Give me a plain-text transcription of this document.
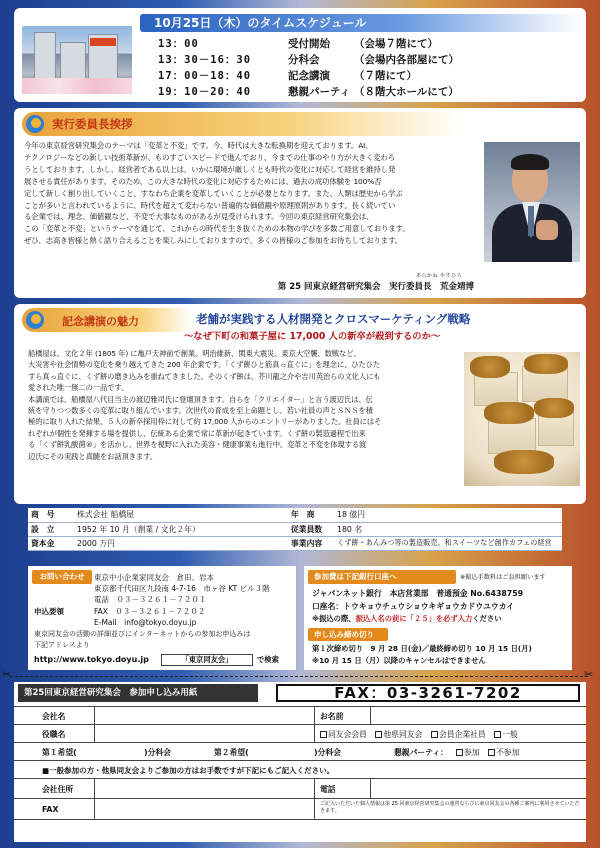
10月25日（木）のタイムスケジュール
13：00	受付開始 （会場７階にて）
13：30－16：30	分科会	（会場内各部屋にて）
17：00－18：40	記念講演 （７階にて）
19：10－20：40	懇親パーティ （８階大ホールにて）
実行委員長挨拶
今年の東京経営研究集会のテーマは「変革と不変」です。今、時代は大きな転換期を迎えております。AI、
テクノロジーなどの新しい技術革新が、ものすごいスピードで進んでおり、今までの仕事のやり方が大きく変わろ
うとしております。しかし、経営者である以上は、いかに環境が厳しくとも時代の変化に対応して経営を維持し発
展させる責任があります。そのため、この大きな時代の変化に対応するためには、過去の成功体験を 100%否
定して新しく創り出していくこと、すなわち企業を変革していくことが必要となります。また、人類は歴史から学ぶ
ことが多いと言われているように、時代を超えて変わらない普遍的な価値観や原理原則があります。長く続いてい
る企業では、理念、価値観など、不変で大事なものがあるが見受けられます。今回の東京経営研究集会は、
この「変革と不変」というテーマを通じて、これからの時代を生き抜くための本物の学びを多数ご用意しております。
ぜひ、志高き皆様と熱く語り合えることを楽しみにしておりますので、多くの皆様のご参加をお待ちしております。
あらかね やすひろ
第 25 回東京経営研究集会　実行委員長　荒金靖博
記念講演の魅力	老舗が実践する人材開発とクロスマーケティング戦略
～なぜ下町の和菓子屋に 17,000 人の新卒が殺到するのか～
船橋屋は、文化２年 (1805 年) に亀戸天神前で創業。明治維新、関東大震災、東京大空襲、数戦など、
大災害や社会情勢の変化を乗り越えてきた 200 年企業です。「くず餅ひと筋真っ直ぐに」を理念に、ひたひた
すら真っ直ぐに、くず餅の磨き込みを重ねてきました。そのくず餅は、芥川龍之介や吉川英治らの文化人にも
愛された唯一無二の一品です。
本講演では、船橋屋八代目当主の渡辺雅司氏に登壇頂きます。自らを「クリエイター」と言う渡辺氏は、伝
統を守りつつ数多くの変革に取り組んでいます。次世代の育成を至上命題とし、若い社員の声とＳＮＳを積
極的に取り入れた結果、５人の新卒採用枠に対して約 17,000 人からのエントリーがありました。社員にはそ
れぞれが個性を発揮する場を提供し、伝統ある企業で常に革新が起きています。くず餅の製造過程で出来
る「くず餅乳酸菌®」を活かし、世界を視野に入れた美容・健康事業も進行中。変革と不変を体現する渡
辺氏にその実践と真髄をお話頂きます。
商　号	株式会社 船橋屋	年　商	18 億円
設　立	1952 年 10 月（創業 / 文化２年）	従業員数	180 名
資本金	2000 万円	事業内容	くず餅・あんみつ等の製造販売、和スイーツなど創作カフェの経営
お問い合わせ	東京中小企業家同友会　倉田、岩本
東京都千代田区九段南 4-7-16　市ヶ谷 KT ビル３階
電話　０３－３２６１－７２０１
申込要領	FAX　０３－３２６１－７２０２
E-Mail　info@tokyo.doyu.jp
東京同友会の活動の詳細並びにインターネットからの参加お申込みは
下記アドレスより
http://www.tokyo.doyu.jp	「東京同友会」	で検索
参加費は下記銀行口座へ	※振込手数料はご負担願います
ジャパンネット銀行　本店営業部　普通預金 No.6438759
口座名：トウキョウチュウショウキギョウカドウユウカイ
※振込の際、振込人名の前に「２５」を必ず入力ください
申し込み締め切り
第１次締め切り　9 月 28 日(金)／最終締め切り 10 月 15 日(月)
※10 月 15 日（月）以降のキャンセルはできません
✂	✂
第25回東京経営研究集会　参加申し込み用紙	FAX：03-3261-7202
会社名	お名前
役職名	同友会会員 他県同友会 会員企業社員 一般
第１希望(	)分科会	第２希望(	)分科会	懇親パーティ：	参加 不参加
■一般参加の方・他県同友会よりご参加の方はお手数ですが下記にもご記入ください。
会社住所	電話
FAX
ご記入いただいた個人情報は第 25 回東京経営研究集会の運営ならびに東京同友会の各種ご案内に利用させていただきます。
